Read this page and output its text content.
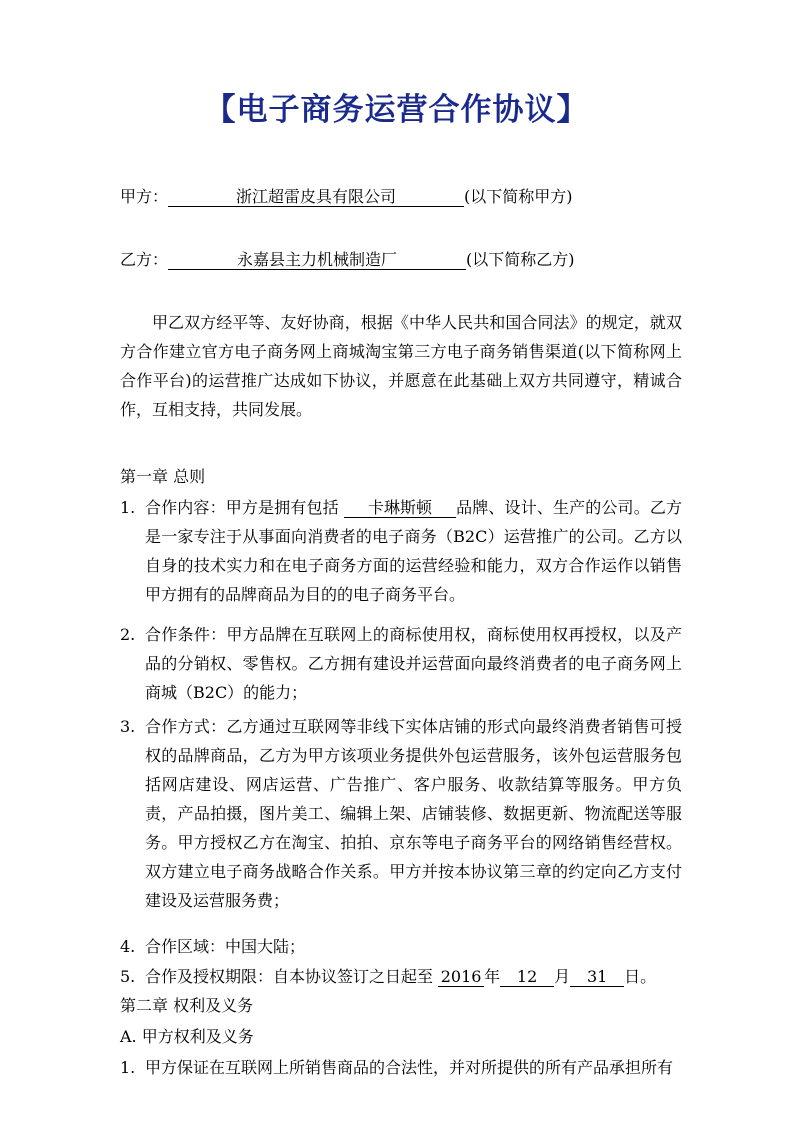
【电子商务运营合作协议】
甲方：	浙江超雷皮具有限公司	(以下简称甲方)
乙方：	永嘉县主力机械制造厂	(以下简称乙方)
甲乙双方经平等、友好协商，根据《中华人民共和国合同法》的规定，就双方合作建立官方电子商务网上商城淘宝第三方电子商务销售渠道(以下简称网上合作平台)的运营推广达成如下协议，并愿意在此基础上双方共同遵守，精诚合作，互相支持，共同发展。
第一章 总则
1. 合作内容：甲方是拥有包括 卡琳斯顿 品牌、设计、生产的公司。乙方是一家专注于从事面向消费者的电子商务（B2C）运营推广的公司。乙方以自身的技术实力和在电子商务方面的运营经验和能力，双方合作运作以销售甲方拥有的品牌商品为目的的电子商务平台。
2. 合作条件：甲方品牌在互联网上的商标使用权，商标使用权再授权，以及产品的分销权、零售权。乙方拥有建设并运营面向最终消费者的电子商务网上商城（B2C）的能力；
3. 合作方式：乙方通过互联网等非线下实体店铺的形式向最终消费者销售可授权的品牌商品，乙方为甲方该项业务提供外包运营服务，该外包运营服务包括网店建设、网店运营、广告推广、客户服务、收款结算等服务。甲方负责，产品拍摄，图片美工、编辑上架、店铺装修、数据更新、物流配送等服务。甲方授权乙方在淘宝、拍拍、京东等电子商务平台的网络销售经营权。双方建立电子商务战略合作关系。甲方并按本协议第三章的约定向乙方支付建设及运营服务费；
4. 合作区域：中国大陆；
5. 合作及授权期限：自本协议签订之日起至 2016 年 12 月 31 日。
第二章 权利及义务
A. 甲方权利及义务
1. 甲方保证在互联网上所销售商品的合法性，并对所提供的所有产品承担所有
